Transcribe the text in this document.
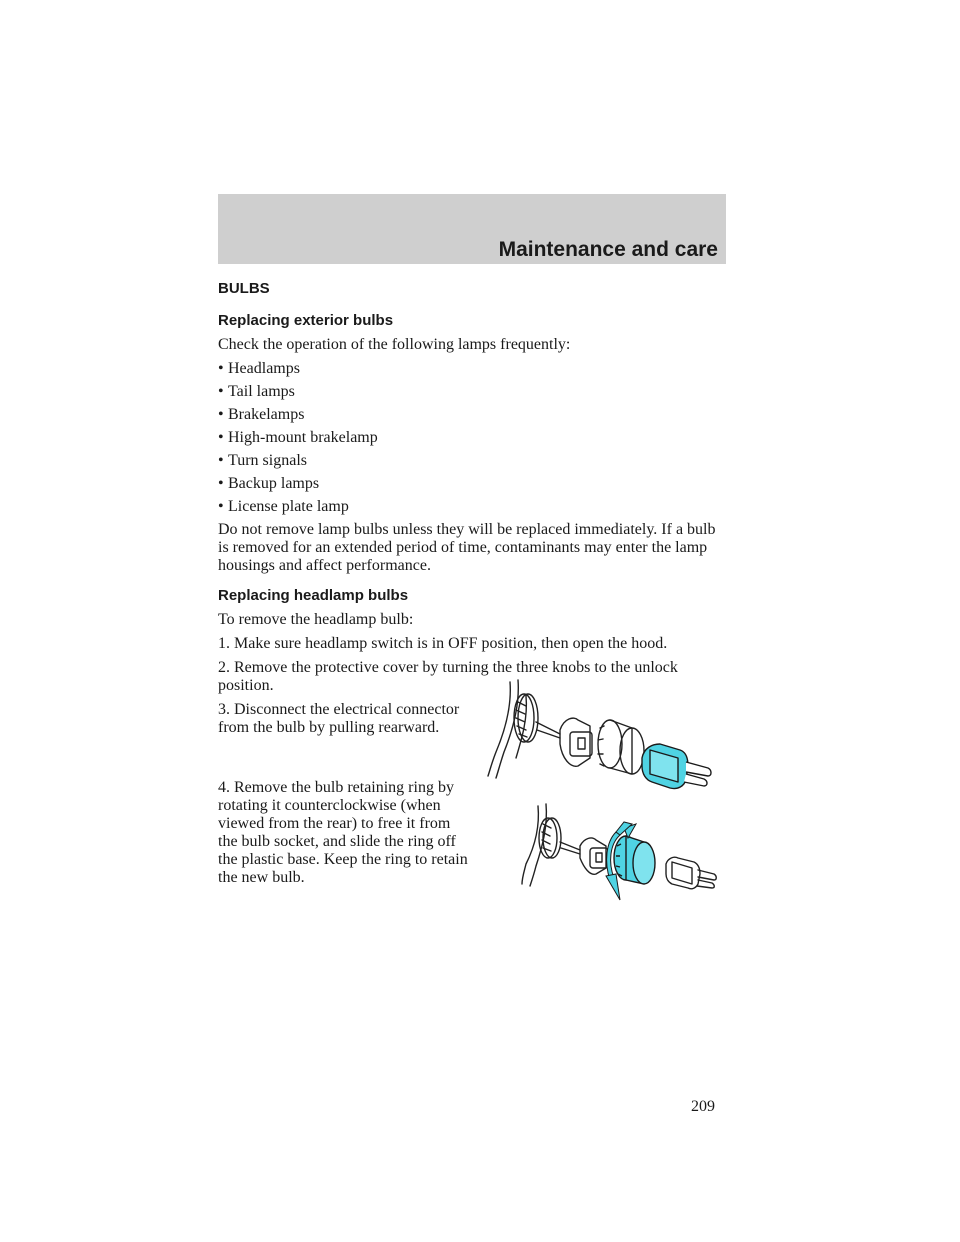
Maintenance and care
BULBS
Replacing exterior bulbs

Check the operation of the following lamps frequently:

• Headlamps
• Tail lamps
• Brakelamps
• High-mount brakelamp
• Turn signals
• Backup lamps
• License plate lamp

Do not remove lamp bulbs unless they will be replaced immediately. If a bulb is removed for an extended period of time, contaminants may enter the lamp housings and affect performance.

Replacing headlamp bulbs

To remove the headlamp bulb:

1. Make sure headlamp switch is in OFF position, then open the hood.

2. Remove the protective cover by turning the three knobs to the unlock position.

3. Disconnect the electrical connector from the bulb by pulling rearward.

4. Remove the bulb retaining ring by rotating it counterclockwise (when viewed from the rear) to free it from the bulb socket, and slide the ring off the plastic base. Keep the ring to retain the new bulb.

209
